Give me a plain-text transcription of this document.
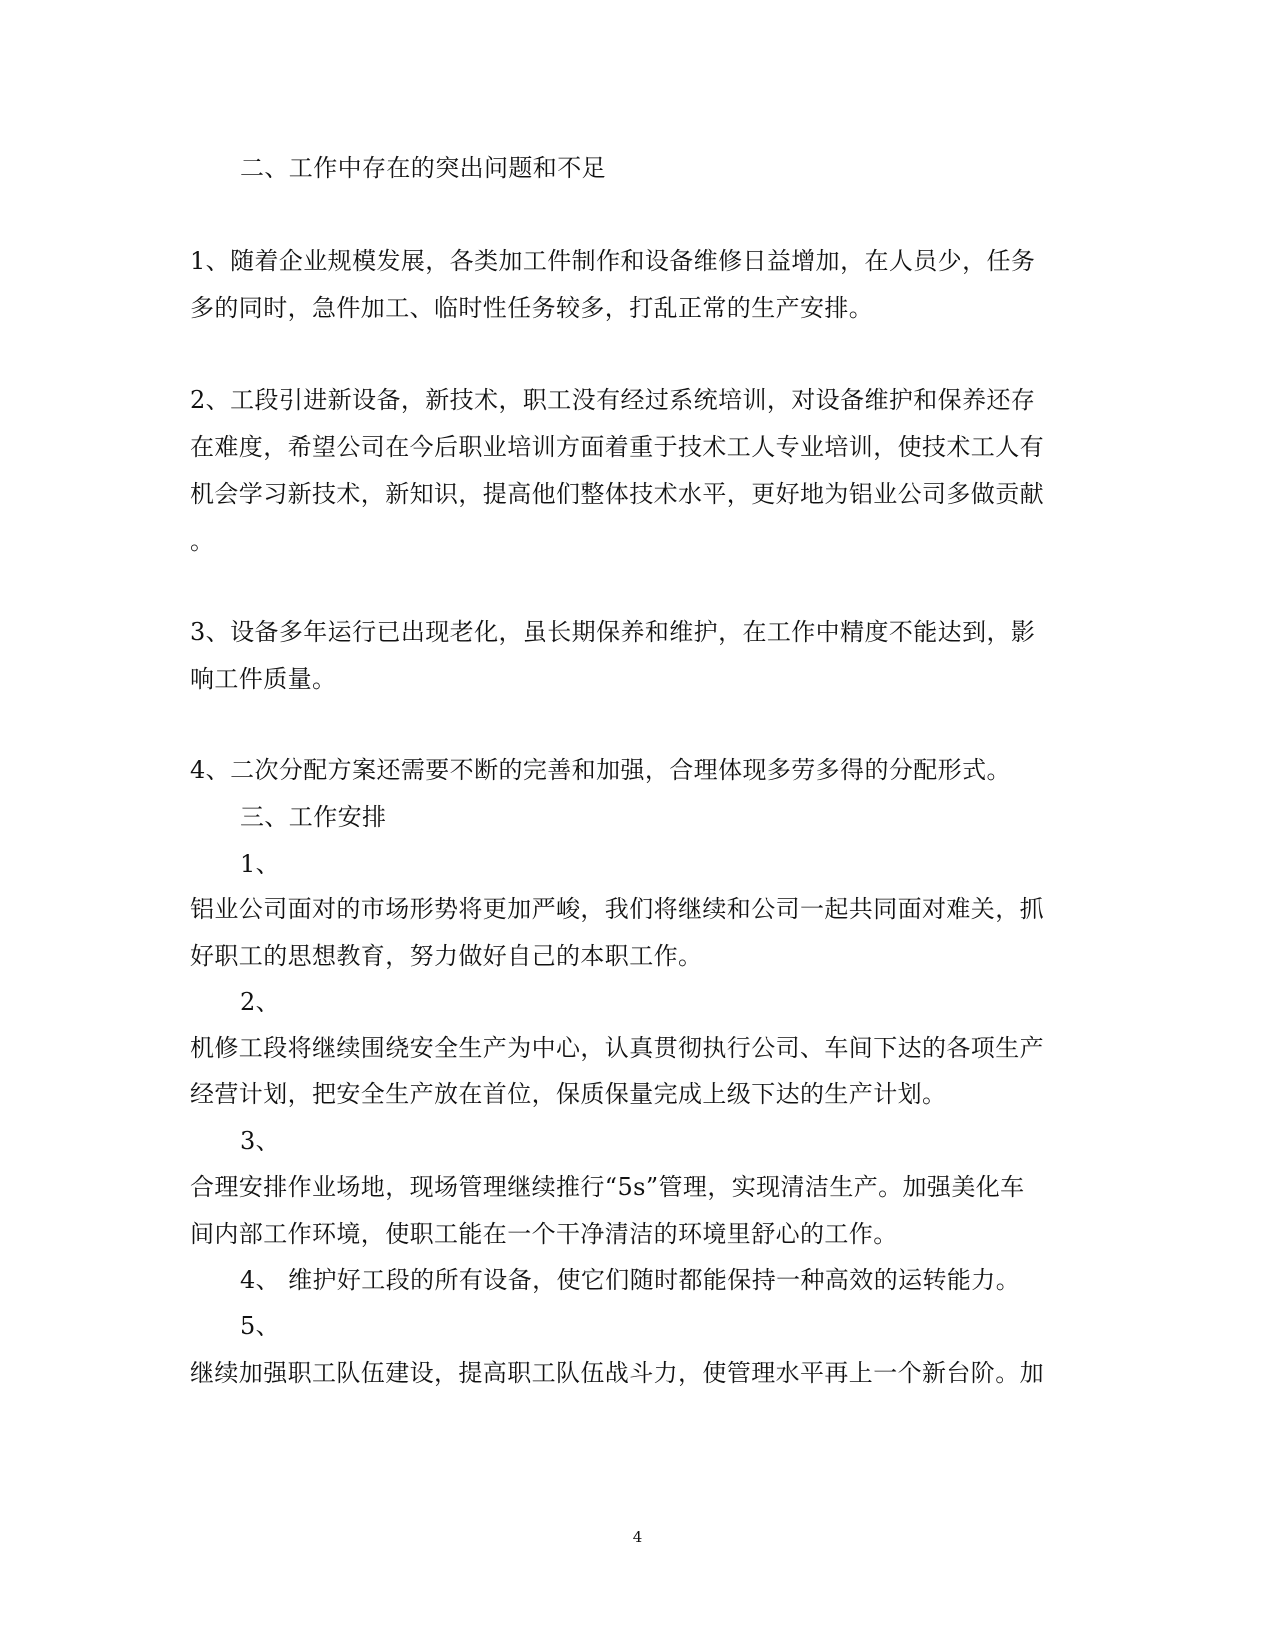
二、工作中存在的突出问题和不足
1、随着企业规模发展，各类加工件制作和设备维修日益增加，在人员少，任务
多的同时，急件加工、临时性任务较多，打乱正常的生产安排。
2、工段引进新设备，新技术，职工没有经过系统培训，对设备维护和保养还存
在难度，希望公司在今后职业培训方面着重于技术工人专业培训，使技术工人有
机会学习新技术，新知识，提高他们整体技术水平，更好地为铝业公司多做贡献
。
3、设备多年运行已出现老化，虽长期保养和维护，在工作中精度不能达到，影
响工件质量。
4、二次分配方案还需要不断的完善和加强，合理体现多劳多得的分配形式。
三、工作安排
1、
铝业公司面对的市场形势将更加严峻，我们将继续和公司一起共同面对难关，抓
好职工的思想教育，努力做好自己的本职工作。
2、
机修工段将继续围绕安全生产为中心，认真贯彻执行公司、车间下达的各项生产
经营计划，把安全生产放在首位，保质保量完成上级下达的生产计划。
3、
合理安排作业场地，现场管理继续推行“5s”管理，实现清洁生产。加强美化车
间内部工作环境，使职工能在一个干净清洁的环境里舒心的工作。
4、 维护好工段的所有设备，使它们随时都能保持一种高效的运转能力。
5、
继续加强职工队伍建设，提高职工队伍战斗力，使管理水平再上一个新台阶。加
4
